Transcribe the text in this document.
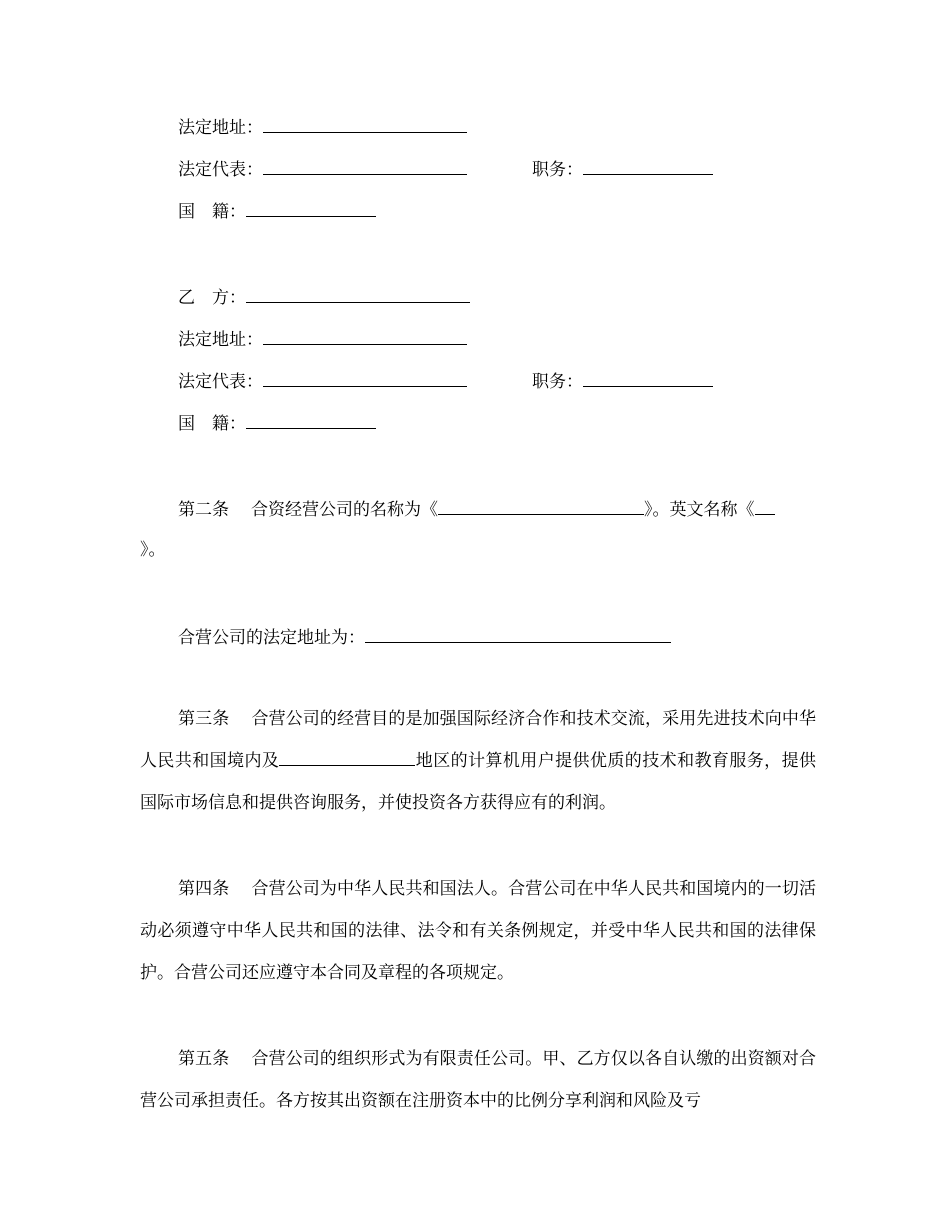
法定地址：
法定代表：	职务：
国　籍：
乙　方：
法定地址：
法定代表：	职务：
国　籍：
第二条 合资经营公司的名称为《	》。英文名称《
》。
合营公司的法定地址为：
第三条 合营公司的经营目的是加强国际经济合作和技术交流，采用先进技术向中华人民共和国境内及	地区的计算机用户提供优质的技术和教育服务，提供国际市场信息和提供咨询服务，并使投资各方获得应有的利润。
第四条 合营公司为中华人民共和国法人。合营公司在中华人民共和国境内的一切活动必须遵守中华人民共和国的法律、法令和有关条例规定，并受中华人民共和国的法律保护。合营公司还应遵守本合同及章程的各项规定。
第五条 合营公司的组织形式为有限责任公司。甲、乙方仅以各自认缴的出资额对合营公司承担责任。各方按其出资额在注册资本中的比例分享利润和风险及亏
